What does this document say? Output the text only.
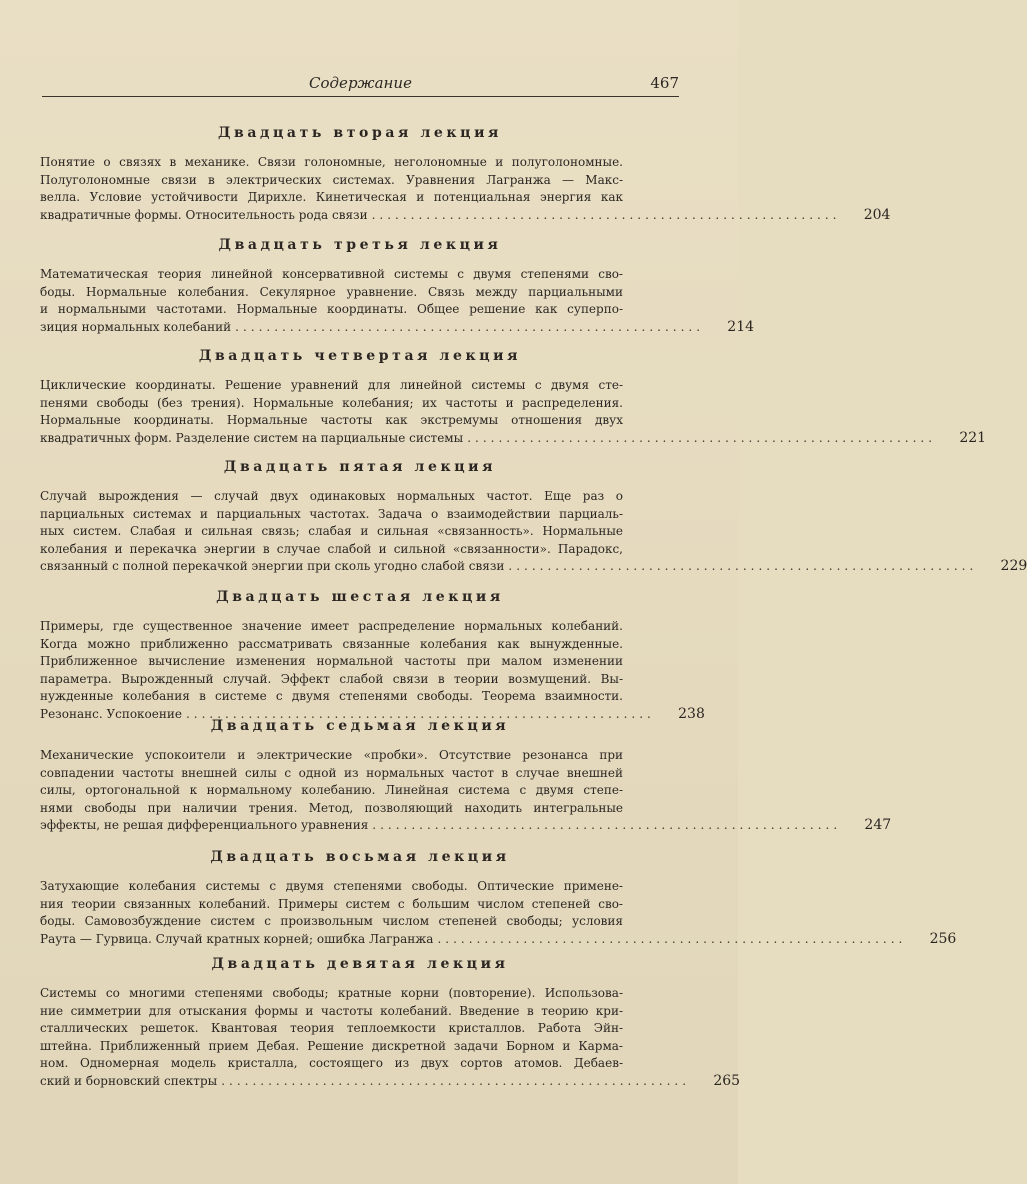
Содержание	467
Двадцать вторая лекция
Понятие о связях в механике. Связи голономные, неголономные и полуголономные.
Полуголономные связи в электрических системах. Уравнения Лагранжа — Макс-
велла. Условие устойчивости Дирихле. Кинетическая и потенциальная энергия как
квадратичные формы. Относительность рода связи ............................................................	204
Двадцать третья лекция
Математическая теория линейной консервативной системы с двумя степенями сво-
боды. Нормальные колебания. Секулярное уравнение. Связь между парциальными
и нормальными частотами. Нормальные координаты. Общее решение как суперпо-
зиция нормальных колебаний ............................................................	214
Двадцать четвертая лекция
Циклические координаты. Решение уравнений для линейной системы с двумя сте-
пенями свободы (без трения). Нормальные колебания; их частоты и распределения.
Нормальные координаты. Нормальные частоты как экстремумы отношения двух
квадратичных форм. Разделение систем на парциальные системы ............................................................	221
Двадцать пятая лекция
Случай вырождения — случай двух одинаковых нормальных частот. Еще раз о
парциальных системах и парциальных частотах. Задача о взаимодействии парциаль-
ных систем. Слабая и сильная связь; слабая и сильная «связанность». Нормальные
колебания и перекачка энергии в случае слабой и сильной «связанности». Парадокс,
связанный с полной перекачкой энергии при сколь угодно слабой связи ............................................................	229
Двадцать шестая лекция
Примеры, где существенное значение имеет распределение нормальных колебаний.
Когда можно приближенно рассматривать связанные колебания как вынужденные.
Приближенное вычисление изменения нормальной частоты при малом изменении
параметра. Вырожденный случай. Эффект слабой связи в теории возмущений. Вы-
нужденные колебания в системе с двумя степенями свободы. Теорема взаимности.
Резонанс. Успокоение ............................................................	238
Двадцать седьмая лекция
Механические успокоители и электрические «пробки». Отсутствие резонанса при
совпадении частоты внешней силы с одной из нормальных частот в случае внешней
силы, ортогональной к нормальному колебанию. Линейная система с двумя степе-
нями свободы при наличии трения. Метод, позволяющий находить интегральные
эффекты, не решая дифференциального уравнения ............................................................	247
Двадцать восьмая лекция
Затухающие колебания системы с двумя степенями свободы. Оптические примене-
ния теории связанных колебаний. Примеры систем с большим числом степеней сво-
боды. Самовозбуждение систем с произвольным числом степеней свободы; условия
Раута — Гурвица. Случай кратных корней; ошибка Лагранжа ............................................................	256
Двадцать девятая лекция
Системы со многими степенями свободы; кратные корни (повторение). Использова-
ние симметрии для отыскания формы и частоты колебаний. Введение в теорию кри-
сталлических решеток. Квантовая теория теплоемкости кристаллов. Работа Эйн-
штейна. Приближенный прием Дебая. Решение дискретной задачи Борном и Карма-
ном. Одномерная модель кристалла, состоящего из двух сортов атомов. Дебаев-
ский и борновский спектры ............................................................	265
